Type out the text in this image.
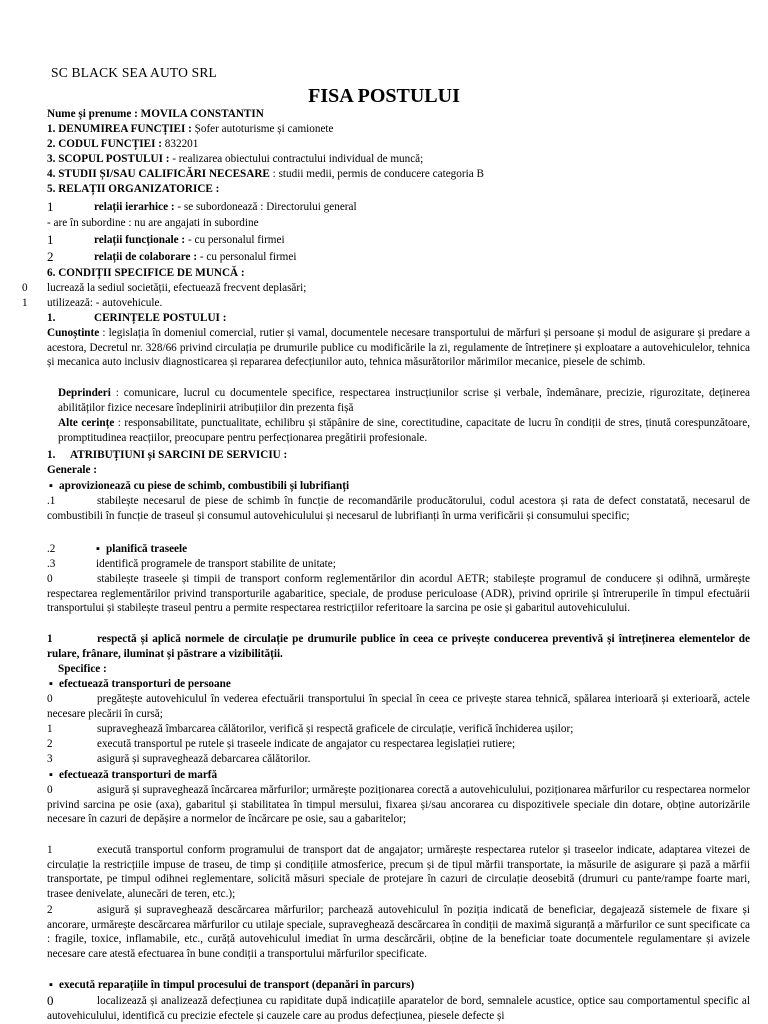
SC BLACK SEA AUTO SRL
FISA POSTULUI
Nume și prenume : MOVILA CONSTANTIN
1. DENUMIREA FUNCȚIEI : Șofer autoturisme și camionete
2. CODUL FUNCȚIEI : 832201
3. SCOPUL POSTULUI : - realizarea obiectului contractului individual de muncă;
4. STUDII ȘI/SAU CALIFICĂRI NECESARE : studii medii, permis de conducere categoria B
5. RELAȚII ORGANIZATORICE :
1	relații ierarhice : - se subordonează : Directorului general
- are în subordine : nu are angajati in subordine
1	relații funcționale : - cu personalul firmei
2	relații de colaborare : - cu personalul firmei
6. CONDIȚII SPECIFICE DE MUNCĂ :
0 lucrează la sediul societății, efectuează frecvent deplasări;
1 utilizează: - autovehicule.
1.	CERINȚELE POSTULUI :
Cunoștinte : legislația în domeniul comercial, rutier și vamal, documentele necesare transportului de mărfuri și persoane și modul de asigurare și predare a acestora, Decretul nr. 328/66 privind circulația pe drumurile publice cu modificările la zi, regulamente de întreținere și exploatare a autovehiculelor, tehnica și mecanica auto inclusiv diagnosticarea și repararea defecțiunilor auto, tehnica măsurătorilor mărimilor mecanice, piesele de schimb.
Deprinderi : comunicare, lucrul cu documentele specifice, respectarea instrucțiunilor scrise și verbale, îndemânare, precizie, rigurozitate, deținerea abilităților fizice necesare îndeplinirii atribuțiilor din prezenta fișă
Alte cerințe : responsabilitate, punctualitate, echilibru și stăpânire de sine, corectitudine, capacitate de lucru în condiții de stres, ținută corespunzătoare, promptitudinea reacțiilor, preocupare pentru perfecționarea pregătirii profesionale.
1. ATRIBUȚIUNI și SARCINI DE SERVICIU :
Generale :
▪ aprovizionează cu piese de schimb, combustibili și lubrifianți
.1	stabilește necesarul de piese de schimb în funcție de recomandările producătorului, codul acestora și rata de defect constatată, necesarul de combustibili în funcție de traseul și consumul autovehiculului și necesarul de lubrifianți în urma verificării și consumului specific;
.2	▪ planifică traseele
.3	identifică programele de transport stabilite de unitate;
0	stabilește traseele și timpii de transport conform reglementărilor din acordul AETR; stabilește programul de conducere și odihnă, urmărește respectarea reglementărilor privind transporturile agabaritice, speciale, de produse periculoase (ADR), privind opririle și întreruperile în timpul efectuării transportului și stabilește traseul pentru a permite respectarea restricțiilor referitoare la sarcina pe osie și gabaritul autovehiculului.
1	respectă și aplică normele de circulație pe drumurile publice în ceea ce privește conducerea preventivă și întreținerea elementelor de rulare, frânare, iluminat și păstrare a vizibilității.
Specifice :
▪ efectuează transporturi de persoane
0	pregătește autovehiculul în vederea efectuării transportului în special în ceea ce privește starea tehnică, spălarea interioară și exterioară, actele necesare plecării în cursă;
1	supraveghează îmbarcarea călătorilor, verifică și respectă graficele de circulație, verifică închiderea ușilor;
2	execută transportul pe rutele și traseele indicate de angajator cu respectarea legislației rutiere;
3	asigură și supraveghează debarcarea călătorilor.
▪ efectuează transporturi de marfă
0	asigură și supraveghează încărcarea mărfurilor; urmărește poziționarea corectă a autovehiculului, poziționarea mărfurilor cu respectarea normelor privind sarcina pe osie (axa), gabaritul și stabilitatea în timpul mersului, fixarea și/sau ancorarea cu dispozitivele speciale din dotare, obține autorizările necesare în cazuri de depășire a normelor de încărcare pe osie, sau a gabaritelor;
1	execută transportul conform programului de transport dat de angajator; urmărește respectarea rutelor și traseelor indicate, adaptarea vitezei de circulație la restricțiile impuse de traseu, de timp și condițiile atmosferice, precum și de tipul mărfii transportate, ia măsurile de asigurare și pază a mărfii transportate, pe timpul odihnei reglementare, solicită măsuri speciale de protejare în cazuri de circulație deosebită (drumuri cu pante/rampe foarte mari, trasee denivelate, alunecări de teren, etc.);
2	asigură și supraveghează descărcarea mărfurilor; parchează autovehiculul în poziția indicată de beneficiar, degajează sistemele de fixare și ancorare, urmărește descărcarea mărfurilor cu utilaje speciale, supraveghează descărcarea în condiții de maximă siguranță a mărfurilor ce sunt specificate ca : fragile, toxice, inflamabile, etc., curăță autovehiculul imediat în urma descărcării, obține de la beneficiar toate documentele regulamentare și avizele necesare care atestă efectuarea în bune condiții a transportului mărfurilor specificate.
▪ execută reparațiile în timpul procesului de transport (depanări în parcurs)
0	localizează și analizează defecțiunea cu rapiditate după indicațiile aparatelor de bord, semnalele acustice, optice sau comportamentul specific al autovehiculului, identifică cu precizie efectele și cauzele care au produs defecțiunea, piesele defecte și
